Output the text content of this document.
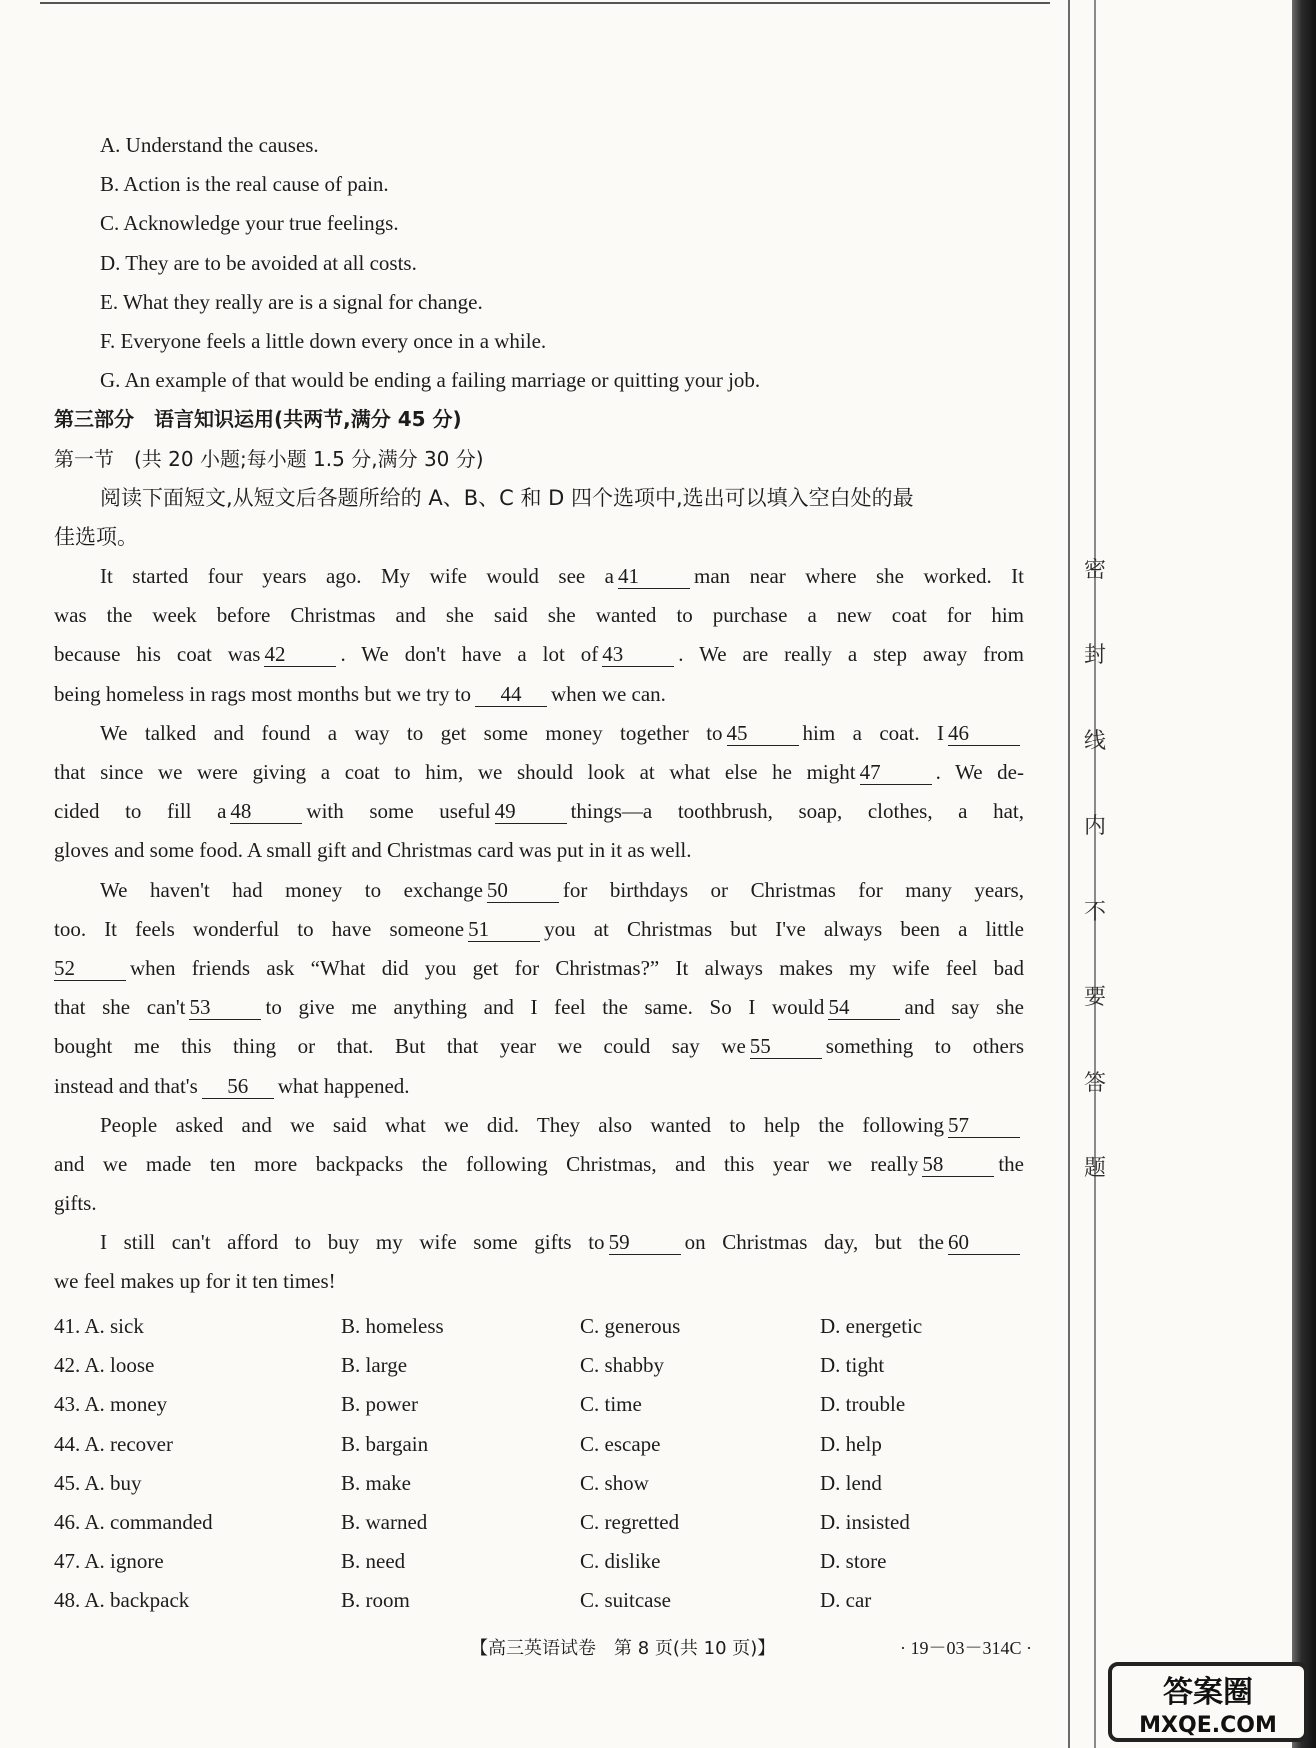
密
封
线
内
不
要
答
题
A. Understand the causes.
B. Action is the real cause of pain.
C. Acknowledge your true feelings.
D. They are to be avoided at all costs.
E. What they really are is a signal for change.
F. Everyone feels a little down every once in a while.
G. An example of that would be ending a failing marriage or quitting your job.
第三部分　语言知识运用(共两节,满分 45 分)
第一节　(共 20 小题;每小题 1.5 分,满分 30 分)
阅读下面短文,从短文后各题所给的 A、B、C 和 D 四个选项中,选出可以填入空白处的最
佳选项。
It started four years ago. My wife would see a 41	man near where she worked. It
was the week before Christmas and she said she wanted to purchase a new coat for him
because his coat was 42	. We don't have a lot of 43	. We are really a step away from
being homeless in rags most months but we try to 44 when we can.
We talked and found a way to get some money together to 45	him a coat. I 46
that since we were giving a coat to him, we should look at what else he might 47	. We de-
cided to fill a 48	with some useful 49	things—a toothbrush, soap, clothes, a hat,
gloves and some food. A small gift and Christmas card was put in it as well.
We haven't had money to exchange 50	for birthdays or Christmas for many years,
too. It feels wonderful to have someone 51	you at Christmas but I've always been a little
52	when friends ask “What did you get for Christmas?” It always makes my wife feel bad
that she can't 53	to give me anything and I feel the same. So I would 54	and say she
bought me this thing or that. But that year we could say we 55	something to others
instead and that's 56 what happened.
People asked and we said what we did. They also wanted to help the following 57
and we made ten more backpacks the following Christmas, and this year we really 58	the
gifts.
I still can't afford to buy my wife some gifts to 59	on Christmas day, but the 60
we feel makes up for it ten times!
41. A. sick	B. homeless	C. generous	D. energetic
42. A. loose	B. large	C. shabby	D. tight
43. A. money	B. power	C. time	D. trouble
44. A. recover	B. bargain	C. escape	D. help
45. A. buy	B. make	C. show	D. lend
46. A. commanded	B. warned	C. regretted	D. insisted
47. A. ignore	B. need	C. dislike	D. store
48. A. backpack	B. room	C. suitcase	D. car
【高三英语试卷　第 8 页(共 10 页)】	· 19－03－314C ·
答案圈
MXQE.COM
